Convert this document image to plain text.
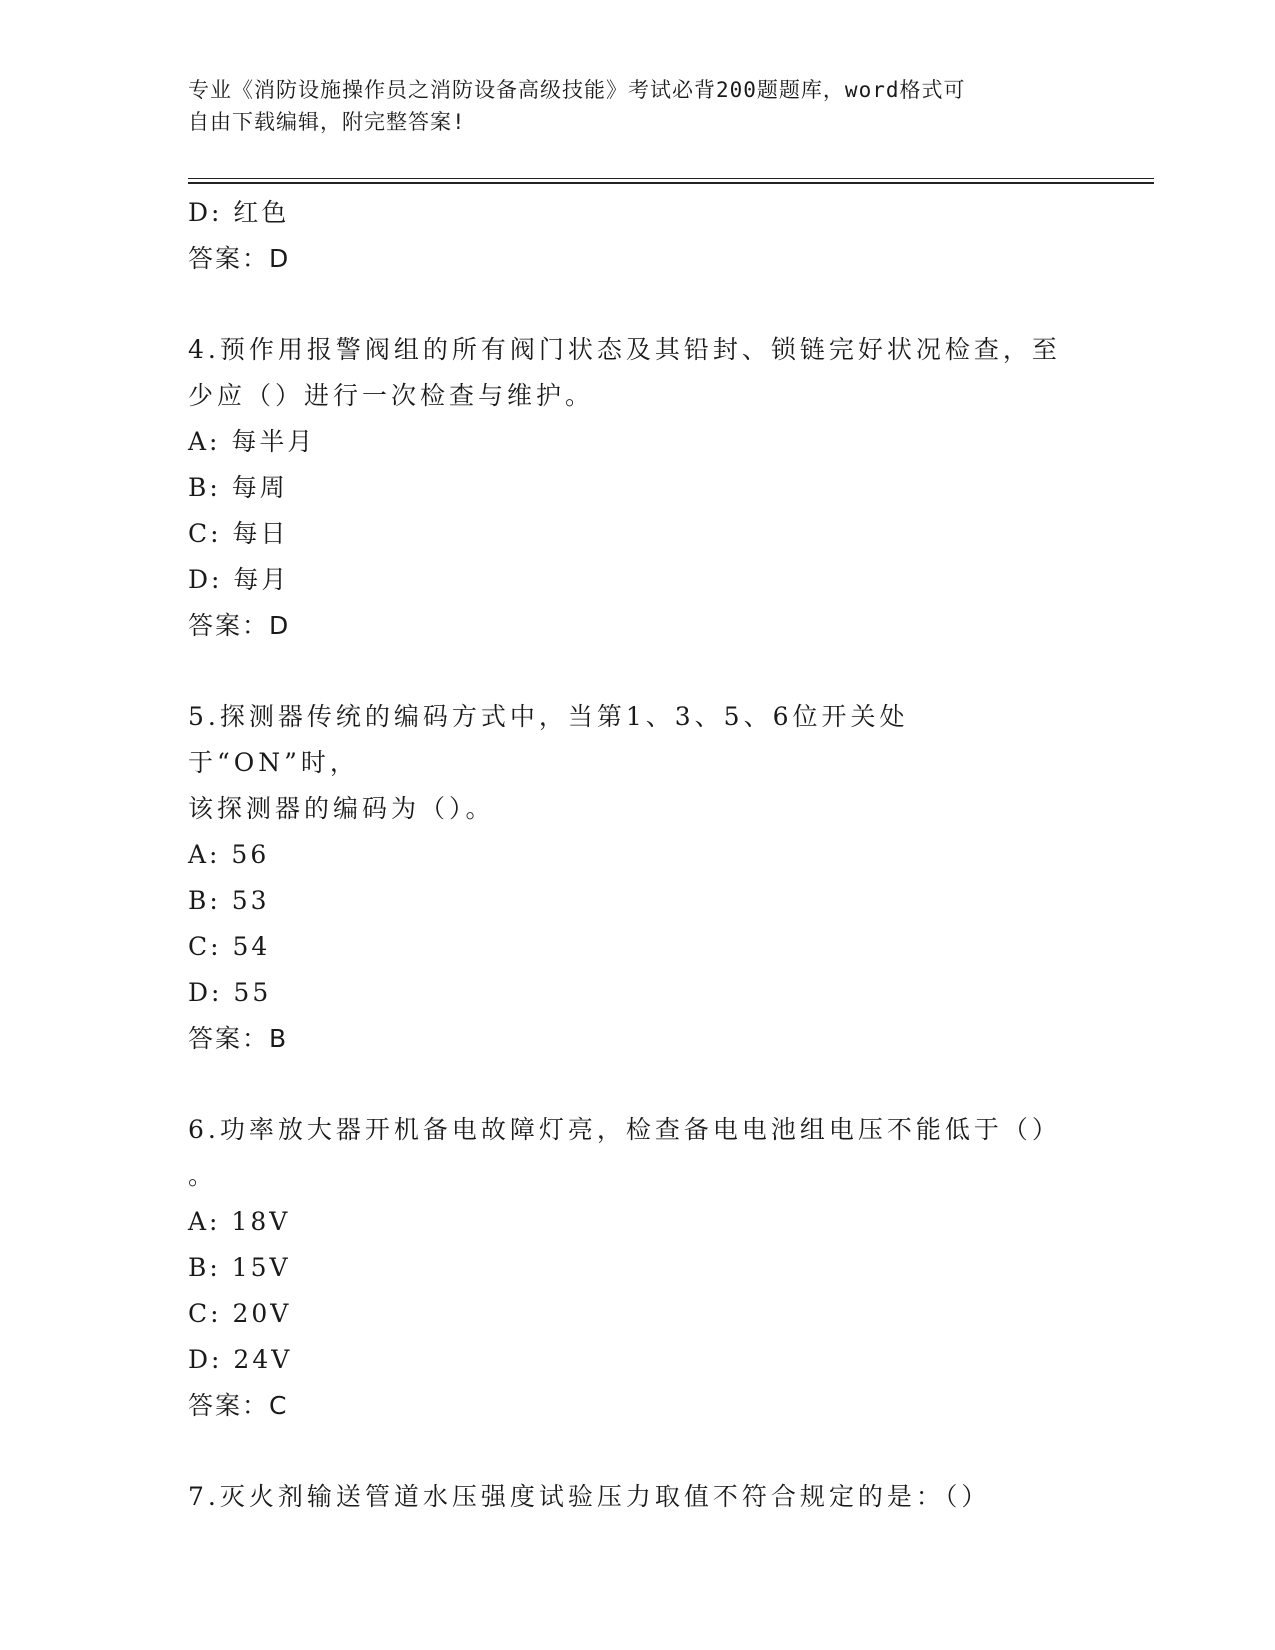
专业《消防设施操作员之消防设备高级技能》考试必背200题题库，word格式可
自由下载编辑，附完整答案!
D: 红色
答案：D
4.预作用报警阀组的所有阀门状态及其铅封、锁链完好状况检查，至
少应（）进行一次检查与维护。
A: 每半月
B: 每周
C: 每日
D: 每月
答案：D
5.探测器传统的编码方式中，当第1、3、5、6位开关处于“ON”时，
该探测器的编码为（）。
A: 56
B: 53
C: 54
D: 55
答案：B
6.功率放大器开机备电故障灯亮，检查备电电池组电压不能低于（）
。
A: 18V
B: 15V
C: 20V
D: 24V
答案：C
7.灭火剂输送管道水压强度试验压力取值不符合规定的是：（）
